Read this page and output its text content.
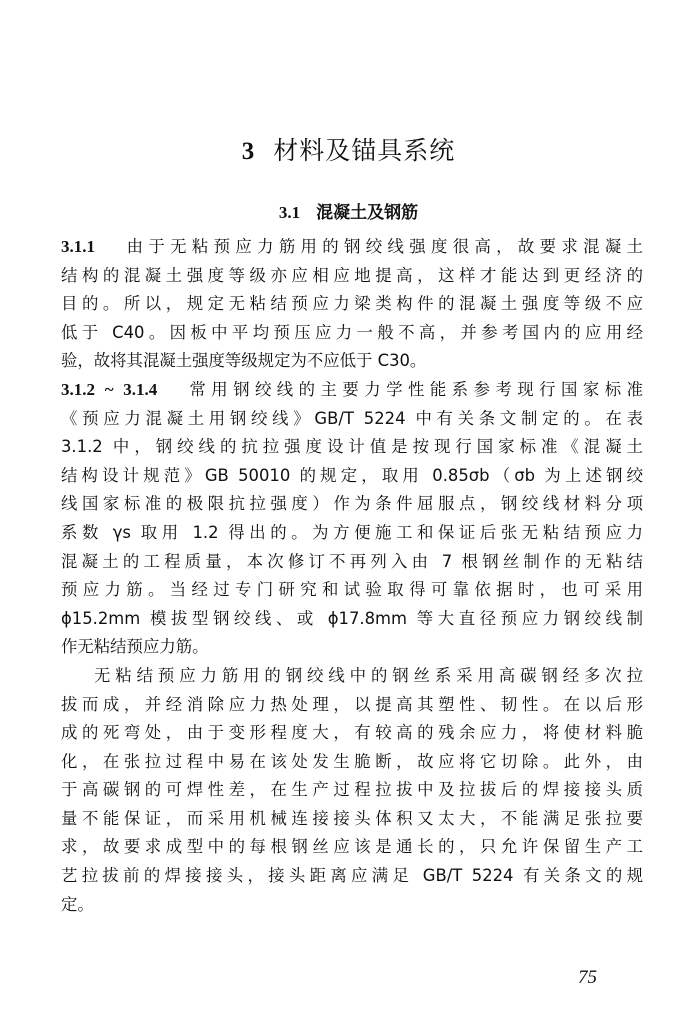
3 材料及锚具系统
3.1 混凝土及钢筋
3.1.1 由于无粘预应力筋用的钢绞线强度很高，故要求混凝土
结构的混凝土强度等级亦应相应地提高，这样才能达到更经济的
目的。所以，规定无粘结预应力梁类构件的混凝土强度等级不应
低于 C40。因板中平均预压应力一般不高，并参考国内的应用经
验，故将其混凝土强度等级规定为不应低于 C30。
3.1.2 ~ 3.1.4 常用钢绞线的主要力学性能系参考现行国家标准
《预应力混凝土用钢绞线》GB/T 5224 中有关条文制定的。在表
3.1.2 中，钢绞线的抗拉强度设计值是按现行国家标准《混凝土
结构设计规范》GB 50010 的规定，取用 0.85σb（σb 为上述钢绞
线国家标准的极限抗拉强度）作为条件屈服点，钢绞线材料分项
系数 γs 取用 1.2 得出的。为方便施工和保证后张无粘结预应力
混凝土的工程质量，本次修订不再列入由 7 根钢丝制作的无粘结
预应力筋。当经过专门研究和试验取得可靠依据时，也可采用
ϕ15.2mm 模拔型钢绞线、或 ϕ17.8mm 等大直径预应力钢绞线制
作无粘结预应力筋。
无粘结预应力筋用的钢绞线中的钢丝系采用高碳钢经多次拉
拔而成，并经消除应力热处理，以提高其塑性、韧性。在以后形
成的死弯处，由于变形程度大，有较高的残余应力，将使材料脆
化，在张拉过程中易在该处发生脆断，故应将它切除。此外，由
于高碳钢的可焊性差，在生产过程拉拔中及拉拔后的焊接接头质
量不能保证，而采用机械连接接头体积又太大，不能满足张拉要
求，故要求成型中的每根钢丝应该是通长的，只允许保留生产工
艺拉拔前的焊接接头，接头距离应满足 GB/T 5224 有关条文的规
定。
75
